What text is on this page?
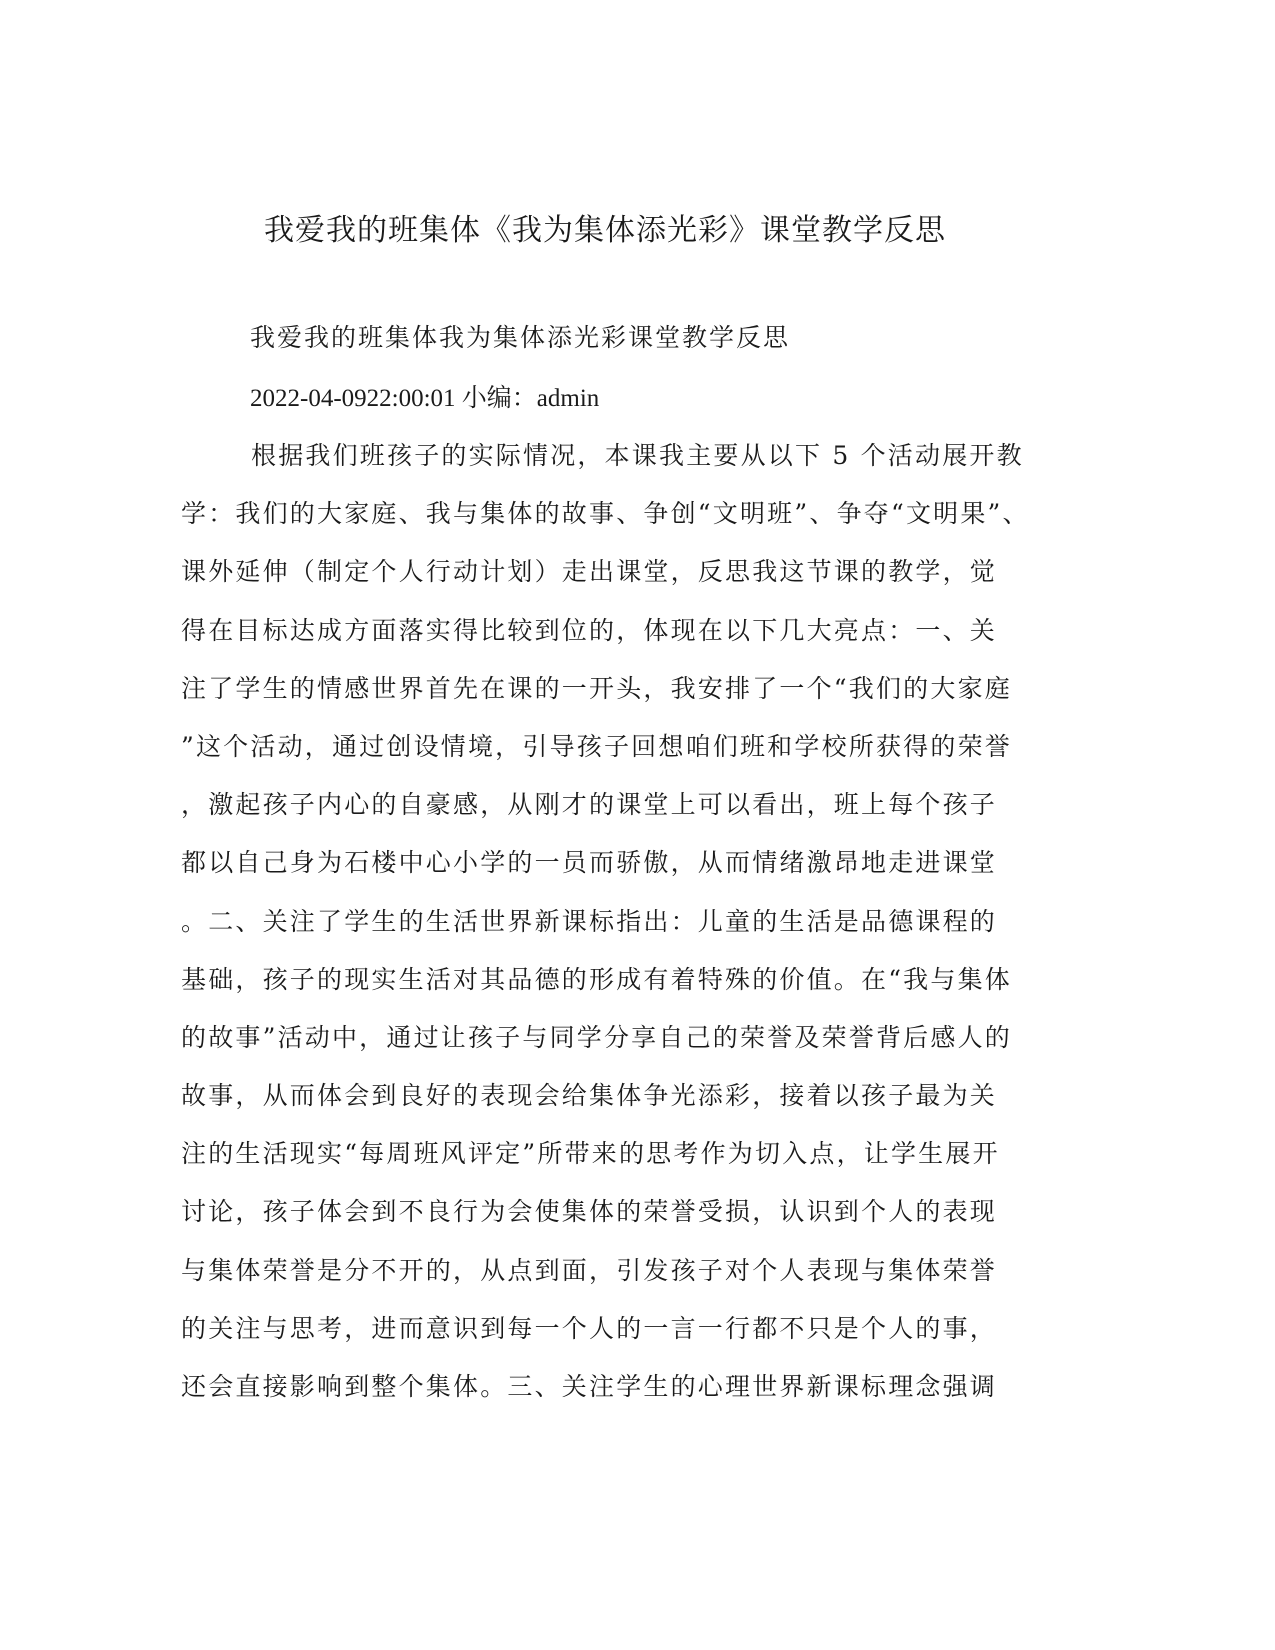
我爱我的班集体《我为集体添光彩》课堂教学反思

我爱我的班集体我为集体添光彩课堂教学反思

2022-04-0922:00:01 小编：admin

根据我们班孩子的实际情况，本课我主要从以下 5 个活动展开教
学：我们的大家庭、我与集体的故事、争创“文明班”、争夺“文明果”、
课外延伸（制定个人行动计划）走出课堂，反思我这节课的教学，觉
得在目标达成方面落实得比较到位的，体现在以下几大亮点：一、关
注了学生的情感世界首先在课的一开头，我安排了一个“我们的大家庭
”这个活动，通过创设情境，引导孩子回想咱们班和学校所获得的荣誉
，激起孩子内心的自豪感，从刚才的课堂上可以看出，班上每个孩子
都以自己身为石楼中心小学的一员而骄傲，从而情绪激昂地走进课堂
。二、关注了学生的生活世界新课标指出：儿童的生活是品德课程的
基础，孩子的现实生活对其品德的形成有着特殊的价值。在“我与集体
的故事”活动中，通过让孩子与同学分享自己的荣誉及荣誉背后感人的
故事，从而体会到良好的表现会给集体争光添彩，接着以孩子最为关
注的生活现实“每周班风评定”所带来的思考作为切入点，让学生展开
讨论，孩子体会到不良行为会使集体的荣誉受损，认识到个人的表现
与集体荣誉是分不开的，从点到面，引发孩子对个人表现与集体荣誉
的关注与思考，进而意识到每一个人的一言一行都不只是个人的事，
还会直接影响到整个集体。三、关注学生的心理世界新课标理念强调
